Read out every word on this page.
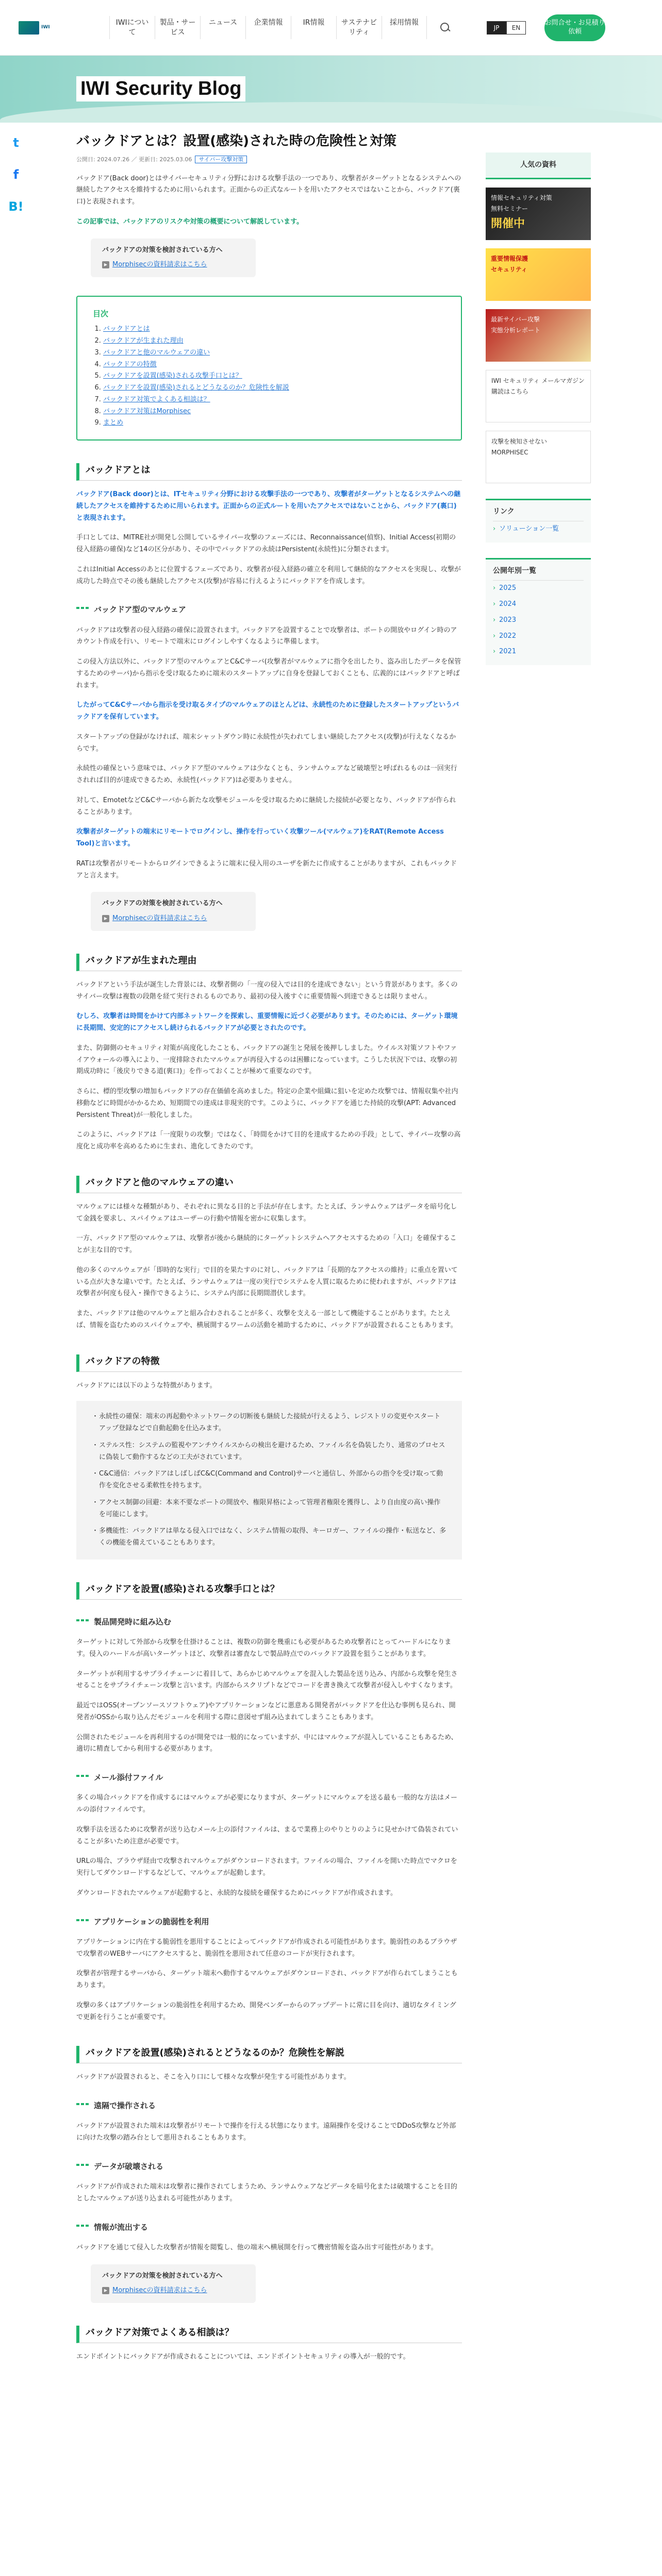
IWI
IWIについて
製品・サービス
ニュース	企業情報	IR情報	サステナビリティ
採用情報
JP	EN
お問合せ・お見積り依頼
IWI Security Blog
t
f
B!
バックドアとは？設置(感染)された時の危険性と対策
公開日: 2024.07.26 ／ 更新日: 2025.03.06 サイバー攻撃対策

バックドア(Back door)とはサイバーセキュリティ分野における攻撃手法の一つであり、攻撃者がターゲットとなるシステムへの継続したアクセスを維持するために用いられます。正面からの正式なルートを用いたアクセスではないことから、バックドア(裏口)と表現されます。

この記事では、バックドアのリスクや対策の概要について解説しています。

バックドアの対策を検討されている方へ
▶ Morphisecの資料請求はこちら
目次
1. バックドアとは
2. バックドアが生まれた理由
3. バックドアと他のマルウェアの違い
4. バックドアの特徴
5. バックドアを設置(感染)される攻撃手口とは？
6. バックドアを設置(感染)されるとどうなるのか？危険性を解説
7. バックドア対策でよくある相談は？
8. バックドア対策はMorphisec
9. まとめ
バックドアとは

バックドア(Back door)とは、ITセキュリティ分野における攻撃手法の一つであり、攻撃者がターゲットとなるシステムへの継続したアクセスを維持するために用いられます。正面からの正式ルートを用いたアクセスではないことから、バックドア(裏口)と表現されます。

手口としては、MITRE社が開発し公開しているサイバー攻撃のフェーズには、Reconnaissance(偵察)、Initial Access(初期の侵入経路の確保)など14の区分があり、その中でバックドアの永続はPersistent(永続性)に分類されます。

これはInitial Accessのあとに位置するフェーズであり、攻撃者が侵入経路の確立を利用して継続的なアクセスを実現し、攻撃が成功した時点でその後も継続したアクセス(攻撃)が容易に行えるようにバックドアを作成します。

バックドア型のマルウェア

バックドアは攻撃者の侵入経路の確保に設置されます。バックドアを設置することで攻撃者は、ポートの開放やログイン時のアカウント作成を行い、リモートで端末にログインしやすくなるように準備します。

この侵入方法以外に、バックドア型のマルウェアとC&Cサーバ(攻撃者がマルウェアに指令を出したり、盗み出したデータを保管するためのサーバ)から指示を受け取るために端末のスタートアップに自身を登録しておくことも、広義的にはバックドアと呼ばれます。

したがってC&Cサーバから指示を受け取るタイプのマルウェアのほとんどは、永続性のために登録したスタートアップというバックドアを保有しています。

スタートアップの登録がなければ、端末シャットダウン時に永続性が失われてしまい継続したアクセス(攻撃)が行えなくなるからです。

永続性の確保という意味では、バックドア型のマルウェアは少なくとも、ランサムウェアなど破壊型と呼ばれるものは一回実行されれば目的が達成できるため、永続性(バックドア)は必要ありません。

対して、EmotetなどC&Cサーバから新たな攻撃モジュールを受け取るために継続した接続が必要となり、バックドアが作られることがあります。

攻撃者がターゲットの端末にリモートでログインし、操作を行っていく攻撃ツール(マルウェア)をRAT(Remote Access Tool)と言います。

RATは攻撃者がリモートからログインできるように端末に侵入用のユーザを新たに作成することがありますが、これもバックドアと言えます。

バックドアの対策を検討されている方へ
▶ Morphisecの資料請求はこちら
バックドアが生まれた理由

バックドアという手法が誕生した背景には、攻撃者側の「一度の侵入では目的を達成できない」という背景があります。多くのサイバー攻撃は複数の段階を経て実行されるものであり、最初の侵入後すぐに重要情報へ到達できるとは限りません。

むしろ、攻撃者は時間をかけて内部ネットワークを探索し、重要情報に近づく必要があります。そのためには、ターゲット環境に長期間、安定的にアクセスし続けられるバックドアが必要とされたのです。

また、防御側のセキュリティ対策が高度化したことも、バックドアの誕生と発展を後押ししました。ウイルス対策ソフトやファイアウォールの導入により、一度排除されたマルウェアが再侵入するのは困難になっています。こうした状況下では、攻撃の初期成功時に「後戻りできる道(裏口)」を作っておくことが極めて重要なのです。

さらに、標的型攻撃の増加もバックドアの存在価値を高めました。特定の企業や組織に狙いを定めた攻撃では、情報収集や社内移動などに時間がかかるため、短期間での達成は非現実的です。このように、バックドアを通じた持続的攻撃(APT: Advanced Persistent Threat)が一般化しました。

このように、バックドアは「一度限りの攻撃」ではなく、「時間をかけて目的を達成するための手段」として、サイバー攻撃の高度化と成功率を高めるために生まれ、進化してきたのです。

バックドアと他のマルウェアの違い

マルウェアには様々な種類があり、それぞれに異なる目的と手法が存在します。たとえば、ランサムウェアはデータを暗号化して金銭を要求し、スパイウェアはユーザーの行動や情報を密かに収集します。

一方、バックドア型のマルウェアは、攻撃者が後から継続的にターゲットシステムへアクセスするための「入口」を確保することが主な目的です。

他の多くのマルウェアが「即時的な実行」で目的を果たすのに対し、バックドアは「長期的なアクセスの維持」に重点を置いている点が大きな違いです。たとえば、ランサムウェアは一度の実行でシステムを人質に取るために使われますが、バックドアは攻撃者が何度も侵入・操作できるように、システム内部に長期間潜伏します。

また、バックドアは他のマルウェアと組み合わされることが多く、攻撃を支える一部として機能することがあります。たとえば、情報を盗むためのスパイウェアや、横展開するワームの活動を補助するために、バックドアが設置されることもあります。

バックドアの特徴

バックドアには以下のような特徴があります。

・ 永続性の確保：端末の再起動やネットワークの切断後も継続した接続が行えるよう、レジストリの変更やスタートアップ登録などで自動起動を仕込みます。
・ ステルス性：システムの監視やアンチウイルスからの検出を避けるため、ファイル名を偽装したり、通常のプロセスに偽装して動作するなどの工夫がされています。
・ C&C通信：バックドアはしばしばC&C(Command and Control)サーバと通信し、外部からの指令を受け取って動作を変化させる柔軟性を持ちます。
・ アクセス制御の回避：本来不要なポートの開放や、権限昇格によって管理者権限を獲得し、より自由度の高い操作を可能にします。
・ 多機能性：バックドアは単なる侵入口ではなく、システム情報の取得、キーロガー、ファイルの操作・転送など、多くの機能を備えていることもあります。
バックドアを設置(感染)される攻撃手口とは？
製品開発時に組み込む

ターゲットに対して外部から攻撃を仕掛けることは、複数の防御を幾重にも必要があるため攻撃者にとってハードルになります。侵入のハードルが高いターゲットほど、攻撃者は審査なしで製品時点でのバックドア設置を狙うことがあります。

ターゲットが利用するサプライチェーンに着目して、あらかじめマルウェアを混入した製品を送り込み、内部から攻撃を発生させることをサプライチェーン攻撃と言います。内部からスクリプトなどでコードを書き換えて攻撃者が侵入しやすくなります。

最近ではOSS(オープンソースソフトウェア)やアプリケーションなどに悪意ある開発者がバックドアを仕込む事例も見られ、開発者がOSSから取り込んだモジュールを利用する際に意図せず組み込まれてしまうこともあります。

公開されたモジュールを再利用するのが開発では一般的になっていますが、中にはマルウェアが混入していることもあるため、適切に精査してから利用する必要があります。

メール添付ファイル

多くの場合バックドアを作成するにはマルウェアが必要になりますが、ターゲットにマルウェアを送る最も一般的な方法はメールの添付ファイルです。

攻撃手法を送るために攻撃者が送り込むメール上の添付ファイルは、まるで業務上のやりとりのように見せかけて偽装されていることが多いため注意が必要です。

URLの場合、ブラウザ経由で攻撃されマルウェアがダウンロードされます。ファイルの場合、ファイルを開いた時点でマクロを実行してダウンロードするなどして、マルウェアが起動します。

ダウンロードされたマルウェアが起動すると、永続的な接続を確保するためにバックドアが作成されます。

アプリケーションの脆弱性を利用

アプリケーションに内在する脆弱性を悪用することによってバックドアが作成される可能性があります。脆弱性のあるブラウザで攻撃者のWEBサーバにアクセスすると、脆弱性を悪用されて任意のコードが実行されます。

攻撃者が管理するサーバから、ターゲット端末へ動作するマルウェアがダウンロードされ、バックドアが作られてしまうこともあります。

攻撃の多くはアプリケーションの脆弱性を利用するため、開発ベンダーからのアップデートに常に目を向け、適切なタイミングで更新を行うことが重要です。

バックドアを設置(感染)されるとどうなるのか？危険性を解説

バックドアが設置されると、そこを入り口にして様々な攻撃が発生する可能性があります。

遠隔で操作される

バックドアが設置された端末は攻撃者がリモートで操作を行える状態になります。遠隔操作を受けることでDDoS攻撃など外部に向けた攻撃の踏み台として悪用されることもあります。

データが破壊される

バックドアが作成された端末は攻撃者に操作されてしまうため、ランサムウェアなどデータを暗号化または破壊することを目的としたマルウェアが送り込まれる可能性があります。

情報が流出する

バックドアを通じて侵入した攻撃者が情報を閲覧し、他の端末へ横展開を行って機密情報を盗み出す可能性があります。

バックドアの対策を検討されている方へ
▶ Morphisecの資料請求はこちら
バックドア対策でよくある相談は？

エンドポイントにバックドアが作成されることについては、エンドポイントセキュリティの導入が一般的です。

人気の資料
情報セキュリティ対策
無料セミナー
開催中
重要情報保護
セキュリティ
最新サイバー攻撃
実態分析レポート
IWI セキュリティ メールマガジン
購読はこちら
攻撃を検知させない
MORPHISEC
リンク
› ソリューション一覧
公開年別一覧
› 2025
› 2024
› 2023
› 2022
› 2021
